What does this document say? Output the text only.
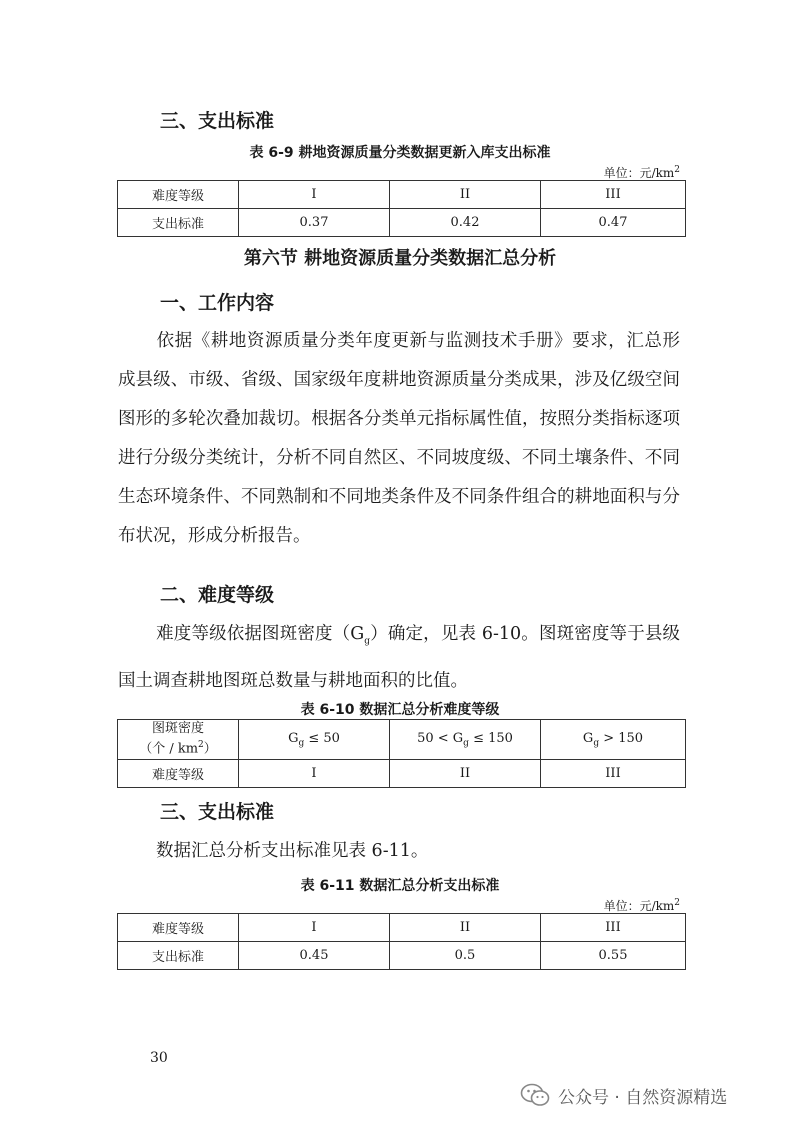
三、支出标准
表 6-9 耕地资源质量分类数据更新入库支出标准
单位：元$/km^2$
难度等级	I	II	III
支出标准	0.37	0.42	0.47
第六节 耕地资源质量分类数据汇总分析
一、工作内容
依据《耕地资源质量分类年度更新与监测技术手册》要求，汇总形成县级、市级、省级、国家级年度耕地资源质量分类成果，涉及亿级空间图形的多轮次叠加裁切。根据各分类单元指标属性值，按照分类指标逐项进行分级分类统计，分析不同自然区、不同坡度级、不同土壤条件、不同生态环境条件、不同熟制和不同地类条件及不同条件组合的耕地面积与分布状况，形成分析报告。
二、难度等级
难度等级依据图斑密度$(G_g)$确定，见表 6-10。图斑密度等于县级国土调查耕地图斑总数量与耕地面积的比值。
表 6-10 数据汇总分析难度等级
图斑密度
（个 / $km^2$）	$G_g \le 50$	$50 < G_g \le 150$	$G_g > 150$
难度等级	I	II	III
三、支出标准
数据汇总分析支出标准见表 6-11。
表 6-11 数据汇总分析支出标准
单位：元$/km^2$
难度等级	I	II	III
支出标准	0.45	0.5	0.55
30
公众号 · 自然资源精选
